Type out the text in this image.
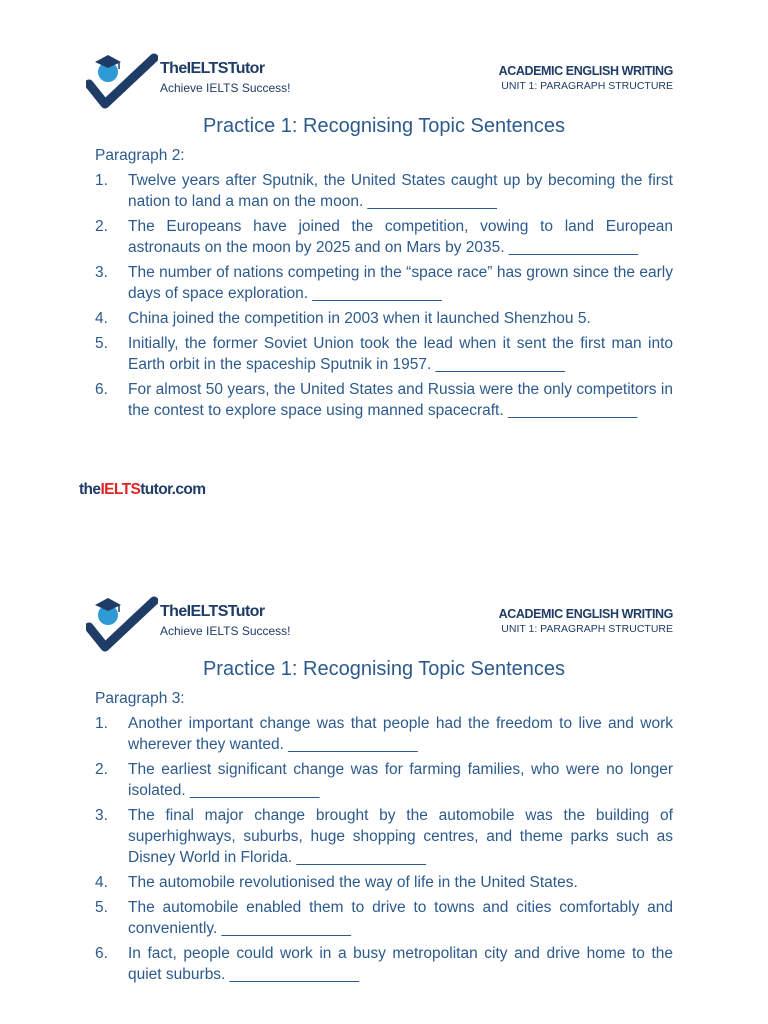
TheIELTSTutor
Achieve IELTS Success!
ACADEMIC ENGLISH WRITING
UNIT 1: PARAGRAPH STRUCTURE
Practice 1: Recognising Topic Sentences
Paragraph 2:
1. Twelve years after Sputnik, the United States caught up by becoming the first nation to land a man on the moon. _______________
2. The Europeans have joined the competition, vowing to land European astronauts on the moon by 2025 and on Mars by 2035. _______________
3. The number of nations competing in the “space race” has grown since the early days of space exploration. _______________
4. China joined the competition in 2003 when it launched Shenzhou 5.
5. Initially, the former Soviet Union took the lead when it sent the first man into Earth orbit in the spaceship Sputnik in 1957. _______________
6. For almost 50 years, the United States and Russia were the only competitors in the contest to explore space using manned spacecraft. _______________
theIELTStutor.com
TheIELTSTutor
Achieve IELTS Success!
ACADEMIC ENGLISH WRITING
UNIT 1: PARAGRAPH STRUCTURE
Practice 1: Recognising Topic Sentences
Paragraph 3:
1. Another important change was that people had the freedom to live and work wherever they wanted. _______________
2. The earliest significant change was for farming families, who were no longer isolated. _______________
3. The final major change brought by the automobile was the building of superhighways, suburbs, huge shopping centres, and theme parks such as Disney World in Florida. _______________
4. The automobile revolutionised the way of life in the United States.
5. The automobile enabled them to drive to towns and cities comfortably and conveniently. _______________
6. In fact, people could work in a busy metropolitan city and drive home to the quiet suburbs. _______________
